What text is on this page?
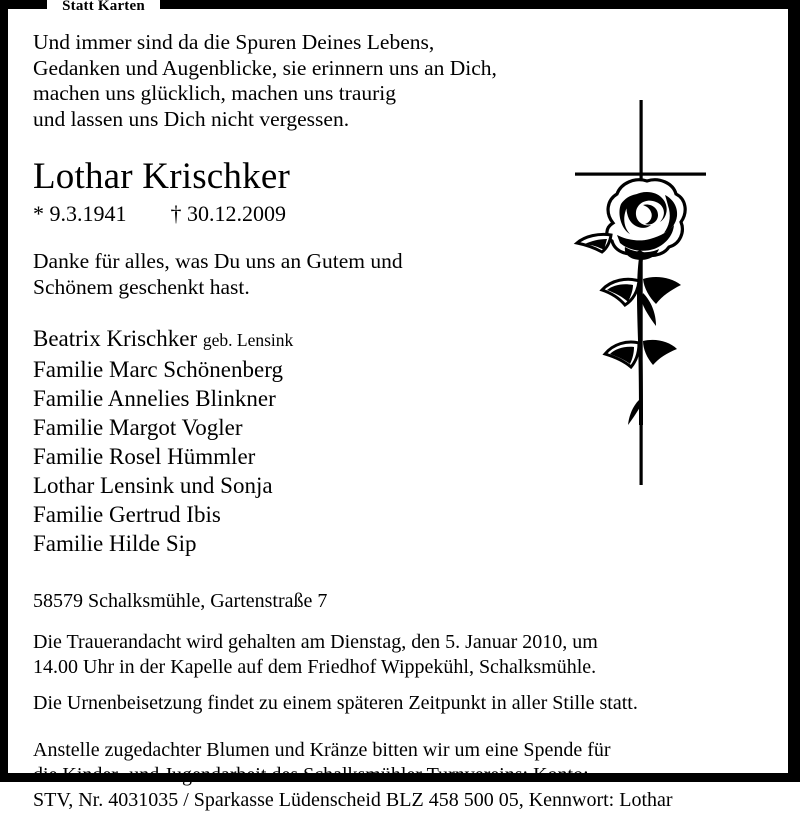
Statt Karten
Und immer sind da die Spuren Deines Lebens,
Gedanken und Augenblicke, sie erinnern uns an Dich,
machen uns glücklich, machen uns traurig
und lassen uns Dich nicht vergessen.
Lothar Krischker
* 9.3.1941 † 30.12.2009
Danke für alles, was Du uns an Gutem und
Schönem geschenkt hast.
Beatrix Krischker geb. Lensink
Familie Marc Schönenberg
Familie Annelies Blinkner
Familie Margot Vogler
Familie Rosel Hümmler
Lothar Lensink und Sonja
Familie Gertrud Ibis
Familie Hilde Sip
58579 Schalksmühle, Gartenstraße 7
Die Trauerandacht wird gehalten am Dienstag, den 5. Januar 2010, um
14.00 Uhr in der Kapelle auf dem Friedhof Wippekühl, Schalksmühle.
Die Urnenbeisetzung findet zu einem späteren Zeitpunkt in aller Stille statt.
Anstelle zugedachter Blumen und Kränze bitten wir um eine Spende für
die Kinder- und Jugendarbeit des Schalksmühler Turnvereins: Konto:
STV, Nr. 4031035 / Sparkasse Lüdenscheid BLZ 458 500 05, Kennwort: Lothar
